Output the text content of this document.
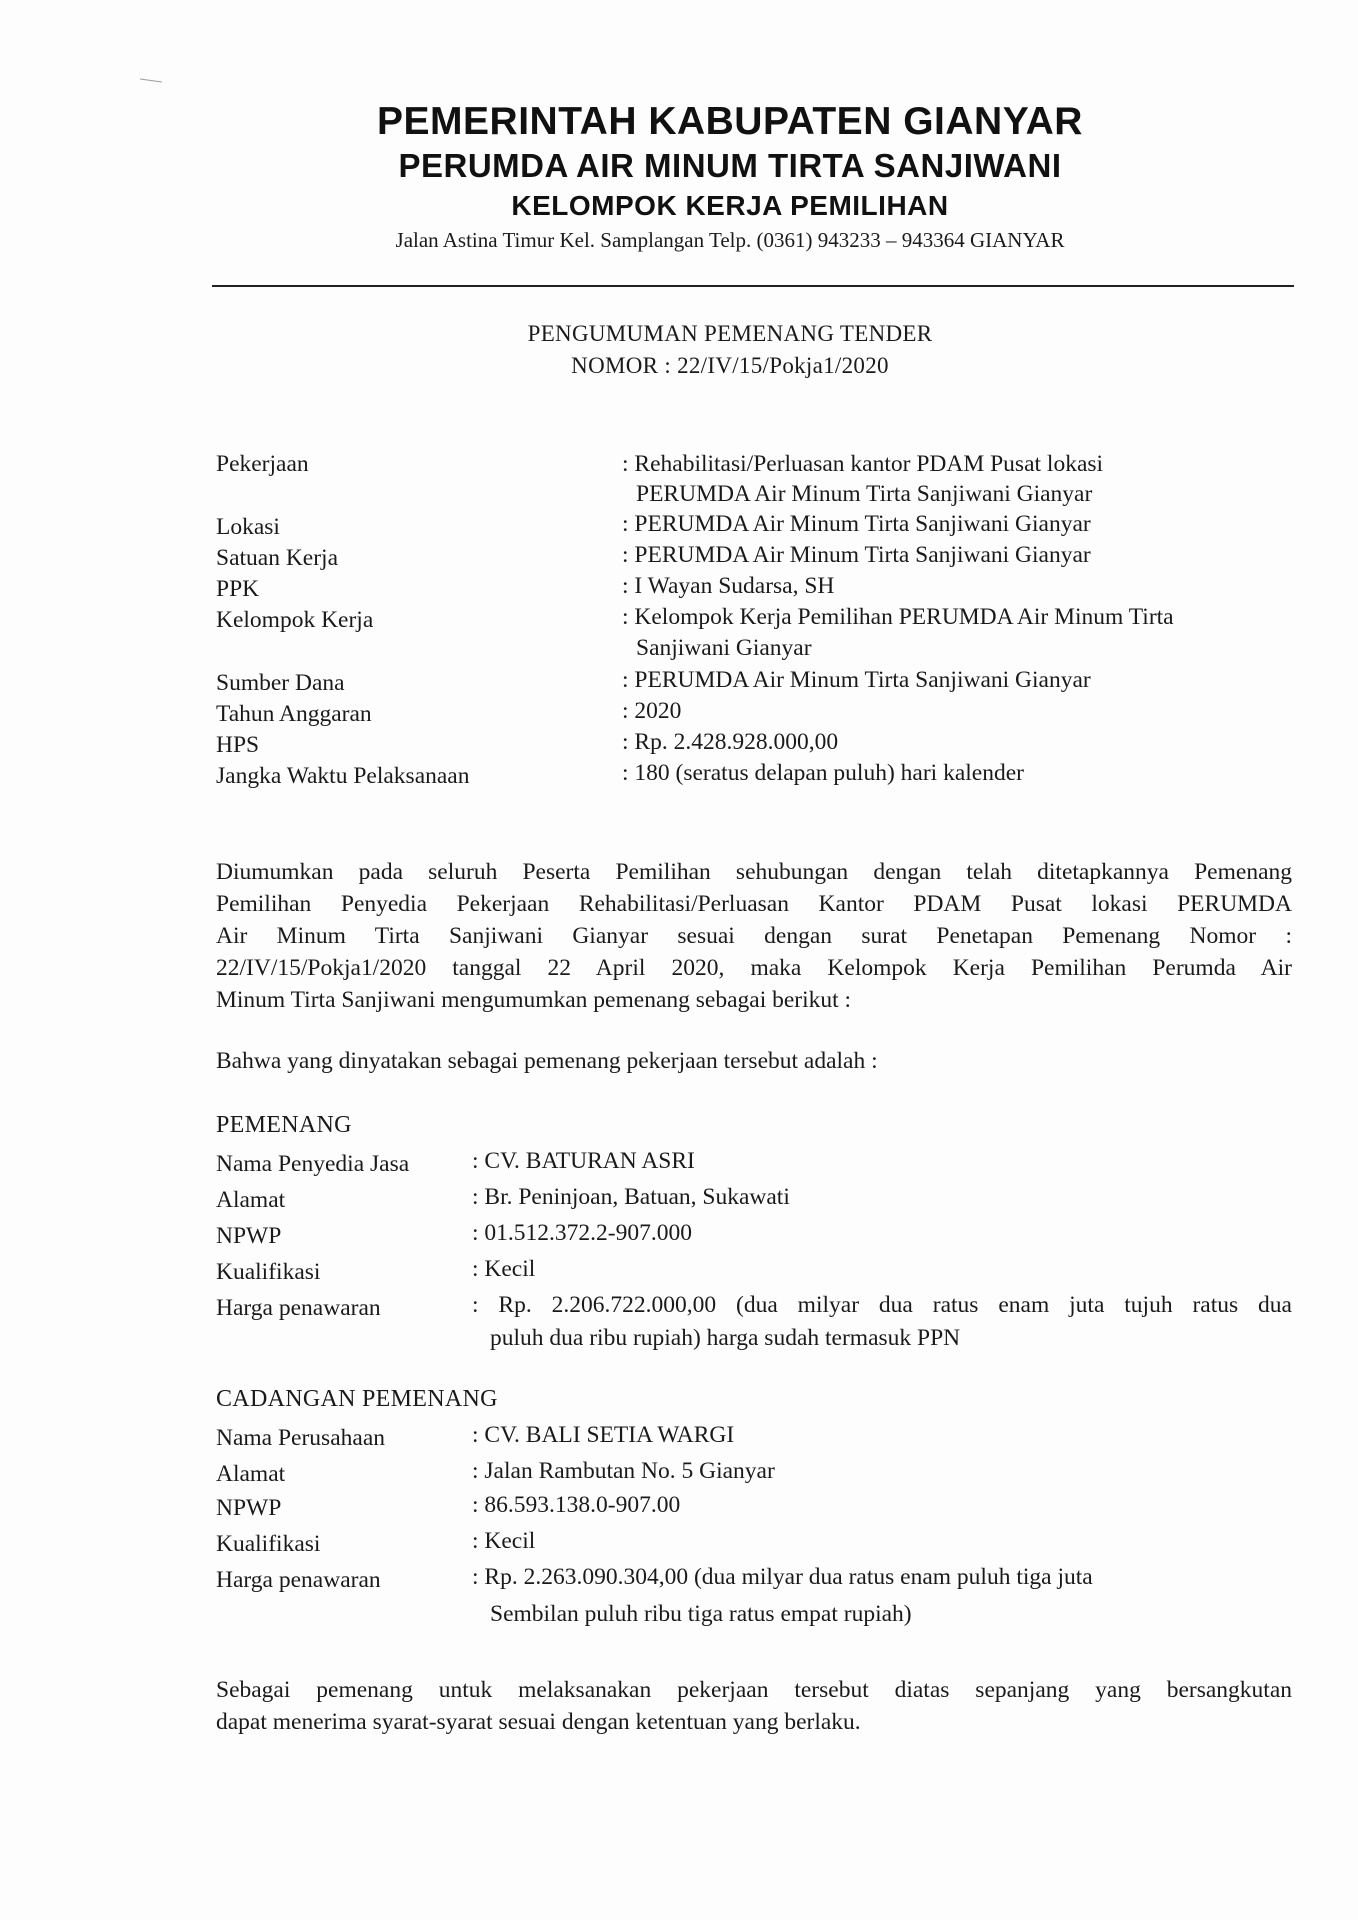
PEMERINTAH KABUPATEN GIANYAR
PERUMDA AIR MINUM TIRTA SANJIWANI
KELOMPOK KERJA PEMILIHAN
Jalan Astina Timur Kel. Samplangan Telp. (0361) 943233 – 943364 GIANYAR
PENGUMUMAN PEMENANG TENDER
NOMOR : 22/IV/15/Pokja1/2020
Pekerjaan	: Rehabilitasi/Perluasan kantor PDAM Pusat lokasi
PERUMDA Air Minum Tirta Sanjiwani Gianyar
Lokasi	: PERUMDA Air Minum Tirta Sanjiwani Gianyar
Satuan Kerja	: PERUMDA Air Minum Tirta Sanjiwani Gianyar
PPK	: I Wayan Sudarsa, SH
Kelompok Kerja	: Kelompok Kerja Pemilihan PERUMDA Air Minum Tirta
Sanjiwani Gianyar
Sumber Dana	: PERUMDA Air Minum Tirta Sanjiwani Gianyar
Tahun Anggaran	: 2020
HPS	: Rp. 2.428.928.000,00
Jangka Waktu Pelaksanaan	: 180 (seratus delapan puluh) hari kalender
Diumumkan pada seluruh Peserta Pemilihan sehubungan dengan telah ditetapkannya Pemenang
Pemilihan Penyedia Pekerjaan Rehabilitasi/Perluasan Kantor PDAM Pusat lokasi PERUMDA
Air Minum Tirta Sanjiwani Gianyar sesuai dengan surat Penetapan Pemenang Nomor :
22/IV/15/Pokja1/2020 tanggal 22 April 2020, maka Kelompok Kerja Pemilihan Perumda Air
Minum Tirta Sanjiwani mengumumkan pemenang sebagai berikut :
Bahwa yang dinyatakan sebagai pemenang pekerjaan tersebut adalah :
PEMENANG
Nama Penyedia Jasa	: CV. BATURAN ASRI
Alamat	: Br. Peninjoan, Batuan, Sukawati
NPWP	: 01.512.372.2-907.000
Kualifikasi	: Kecil
Harga penawaran	: Rp. 2.206.722.000,00 (dua milyar dua ratus enam juta tujuh ratus dua
puluh dua ribu rupiah) harga sudah termasuk PPN
CADANGAN PEMENANG
Nama Perusahaan	: CV. BALI SETIA WARGI
Alamat	: Jalan Rambutan No. 5 Gianyar
NPWP	: 86.593.138.0-907.00
Kualifikasi	: Kecil
Harga penawaran	: Rp. 2.263.090.304,00 (dua milyar dua ratus enam puluh tiga juta
Sembilan puluh ribu tiga ratus empat rupiah)
Sebagai pemenang untuk melaksanakan pekerjaan tersebut diatas sepanjang yang bersangkutan
dapat menerima syarat-syarat sesuai dengan ketentuan yang berlaku.
